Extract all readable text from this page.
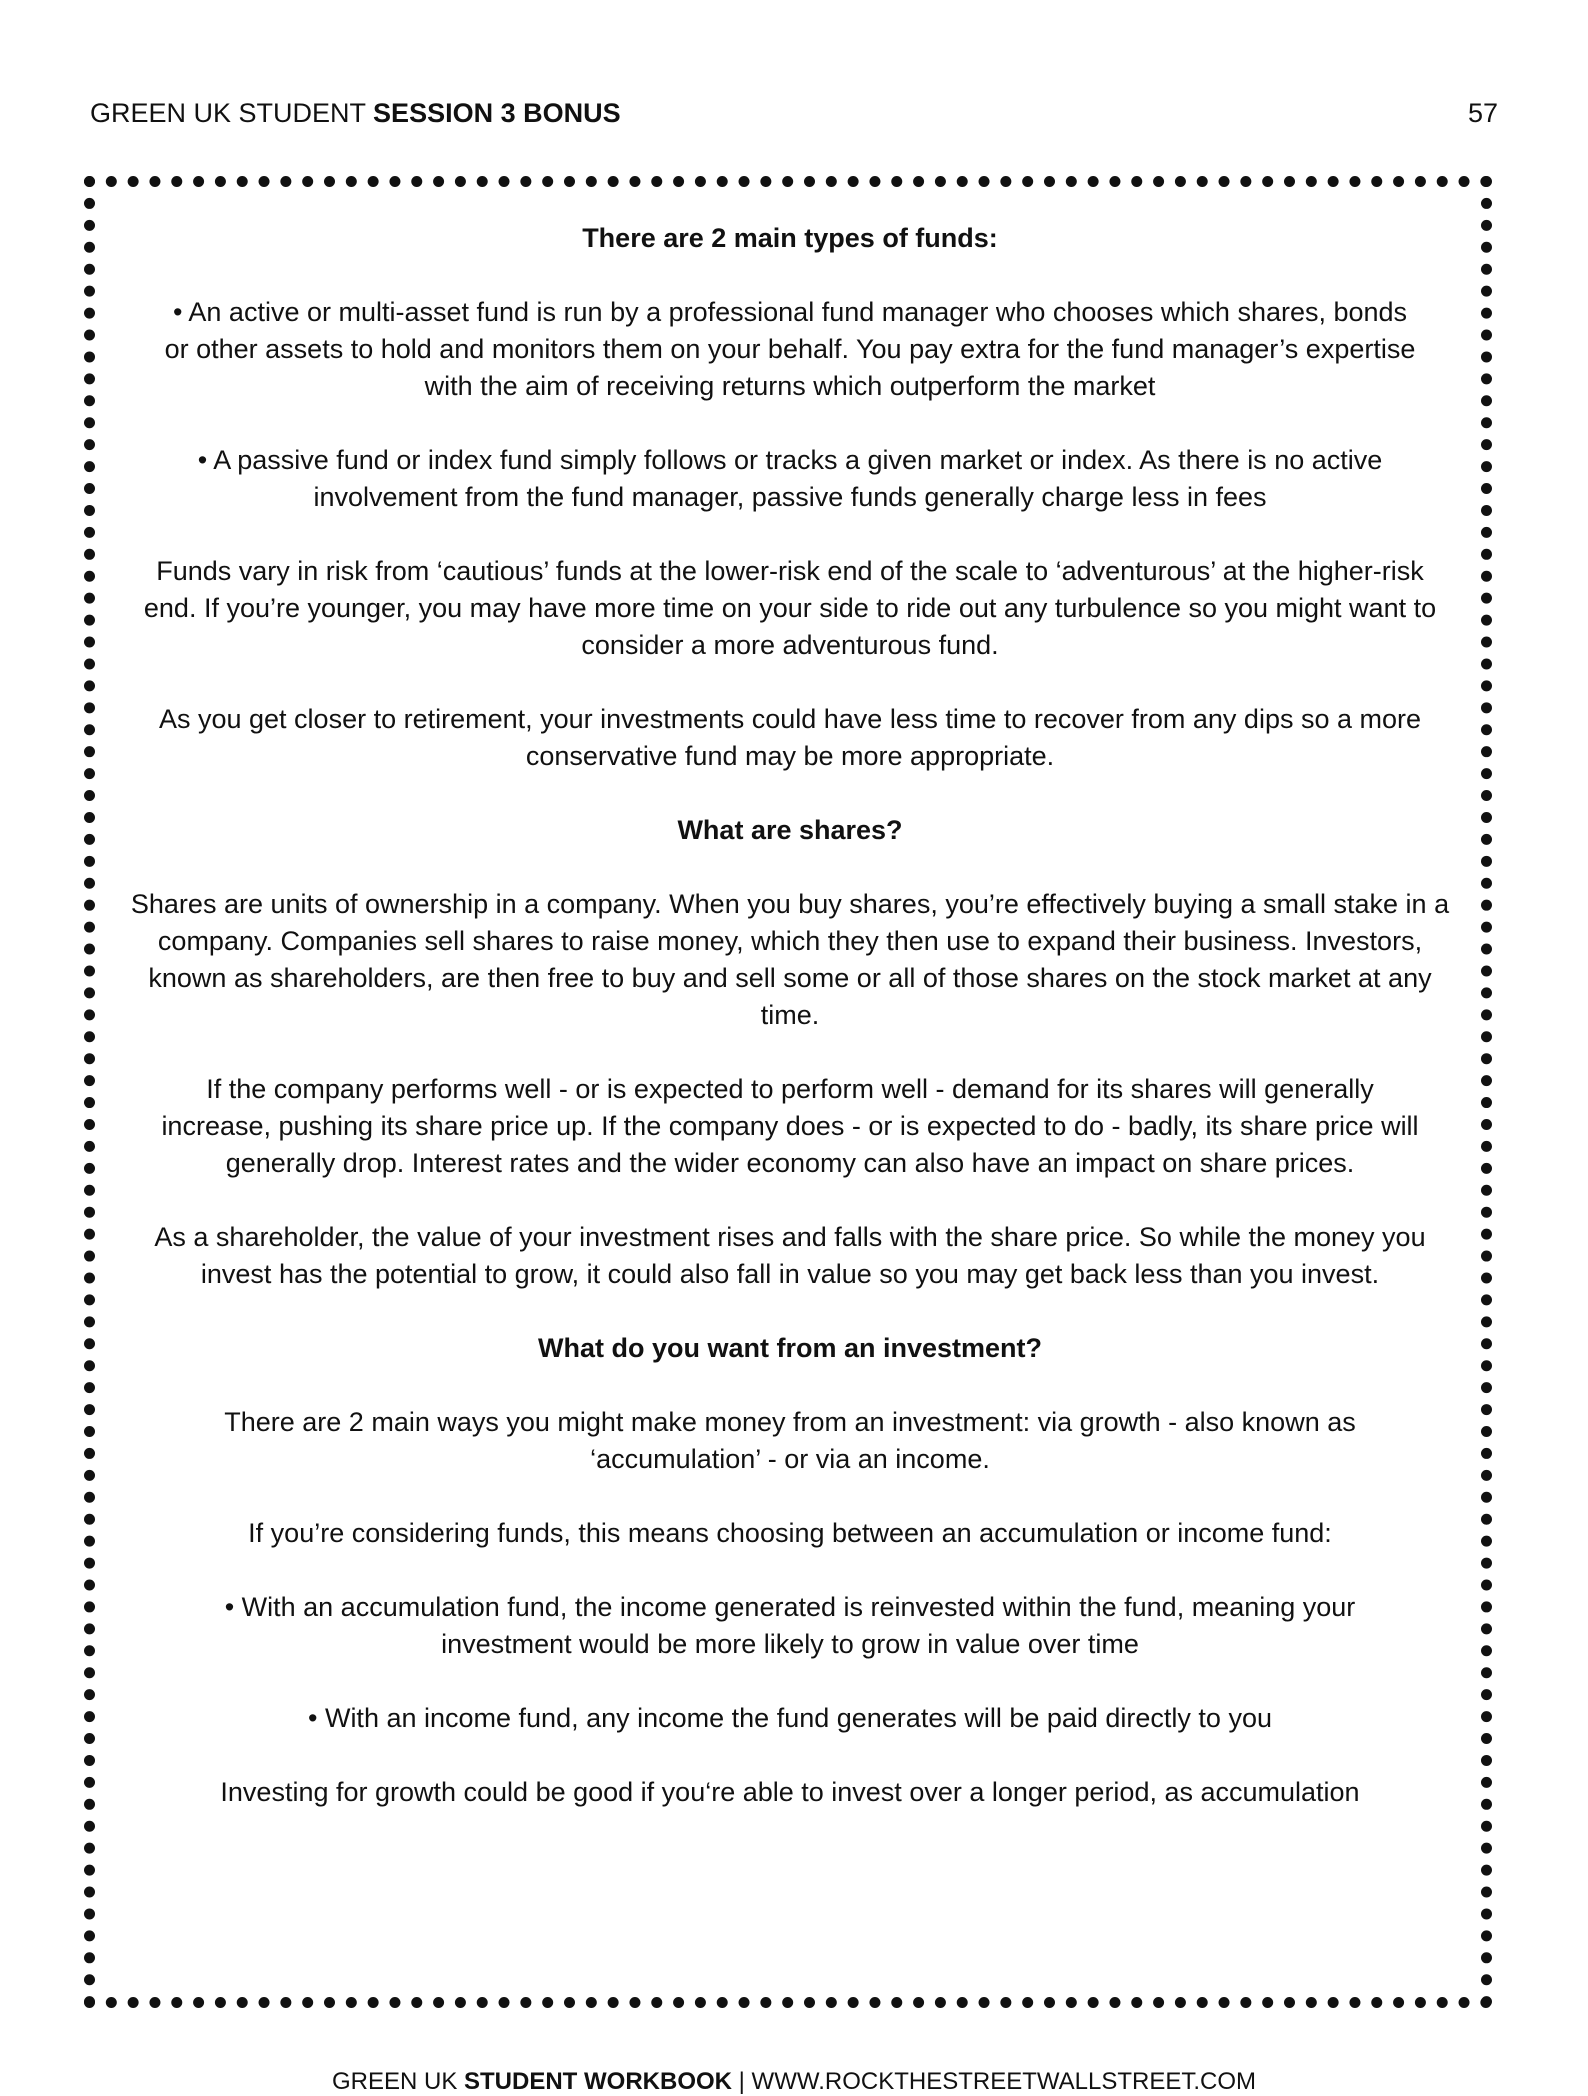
GREEN UK STUDENT SESSION 3 BONUS	57
There are 2 main types of funds:

• An active or multi-asset fund is run by a professional fund manager who chooses which shares, bonds or other assets to hold and monitors them on your behalf. You pay extra for the fund manager’s expertise with the aim of receiving returns which outperform the market

• A passive fund or index fund simply follows or tracks a given market or index. As there is no active involvement from the fund manager, passive funds generally charge less in fees

Funds vary in risk from ‘cautious’ funds at the lower-risk end of the scale to ‘adventurous’ at the higher-risk end. If you’re younger, you may have more time on your side to ride out any turbulence so you might want to consider a more adventurous fund.

As you get closer to retirement, your investments could have less time to recover from any dips so a more conservative fund may be more appropriate.

What are shares?

Shares are units of ownership in a company. When you buy shares, you’re effectively buying a small stake in a company. Companies sell shares to raise money, which they then use to expand their business. Investors, known as shareholders, are then free to buy and sell some or all of those shares on the stock market at any time.

If the company performs well - or is expected to perform well - demand for its shares will generally increase, pushing its share price up. If the company does - or is expected to do - badly, its share price will generally drop. Interest rates and the wider economy can also have an impact on share prices.

As a shareholder, the value of your investment rises and falls with the share price. So while the money you invest has the potential to grow, it could also fall in value so you may get back less than you invest.

What do you want from an investment?

There are 2 main ways you might make money from an investment: via growth - also known as ‘accumulation’ - or via an income.

If you’re considering funds, this means choosing between an accumulation or income fund:

• With an accumulation fund, the income generated is reinvested within the fund, meaning your investment would be more likely to grow in value over time

• With an income fund, any income the fund generates will be paid directly to you

Investing for growth could be good if you‘re able to invest over a longer period, as accumulation

GREEN UK STUDENT WORKBOOK | WWW.ROCKTHESTREETWALLSTREET.COM
